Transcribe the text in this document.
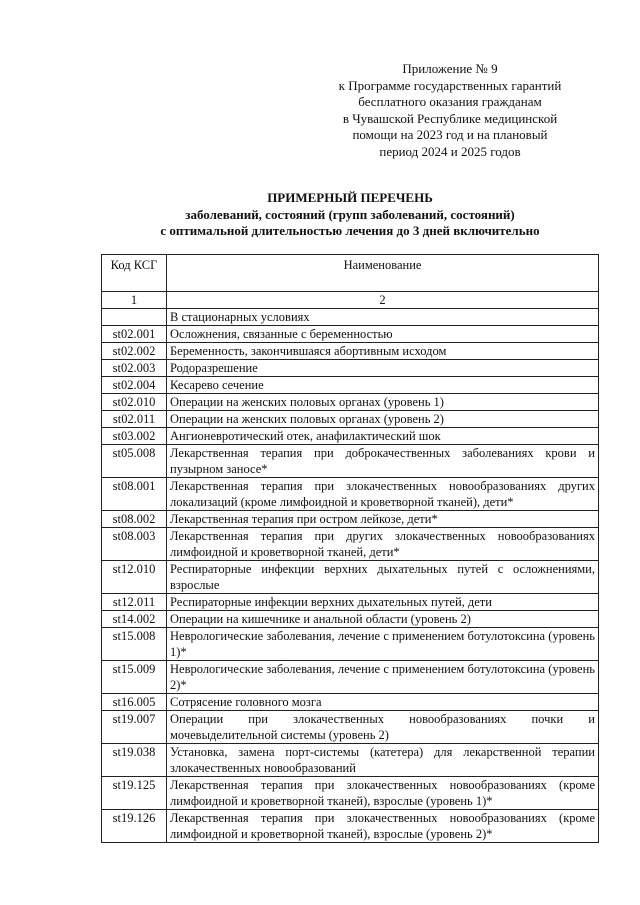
Приложение № 9
к Программе государственных гарантий
бесплатного оказания гражданам
в Чувашской Республике медицинской
помощи на 2023 год и на плановый
период 2024 и 2025 годов
ПРИМЕРНЫЙ ПЕРЕЧЕНЬ
заболеваний, состояний (групп заболеваний, состояний)
с оптимальной длительностью лечения до 3 дней включительно
Код КСГ	Наименование
1	2
	В стационарных условиях
st02.001	Осложнения, связанные с беременностью
st02.002	Беременность, закончившаяся абортивным исходом
st02.003	Родоразрешение
st02.004	Кесарево сечение
st02.010	Операции на женских половых органах (уровень 1)
st02.011	Операции на женских половых органах (уровень 2)
st03.002	Ангионевротический отек, анафилактический шок
st05.008	Лекарственная терапия при доброкачественных заболеваниях крови и пузырном заносе*
st08.001	Лекарственная терапия при злокачественных новообразованиях других локализаций (кроме лимфоидной и кроветворной тканей), дети*
st08.002	Лекарственная терапия при остром лейкозе, дети*
st08.003	Лекарственная терапия при других злокачественных новообразованиях лимфоидной и кроветворной тканей, дети*
st12.010	Респираторные инфекции верхних дыхательных путей с осложнениями, взрослые
st12.011	Респираторные инфекции верхних дыхательных путей, дети
st14.002	Операции на кишечнике и анальной области (уровень 2)
st15.008	Неврологические заболевания, лечение с применением ботулотоксина (уровень 1)*
st15.009	Неврологические заболевания, лечение с применением ботулотоксина (уровень 2)*
st16.005	Сотрясение головного мозга
st19.007	Операции при злокачественных новообразованиях почки и мочевыделительной системы (уровень 2)
st19.038	Установка, замена порт-системы (катетера) для лекарственной терапии злокачественных новообразований
st19.125	Лекарственная терапия при злокачественных новообразованиях (кроме лимфоидной и кроветворной тканей), взрослые (уровень 1)*
st19.126	Лекарственная терапия при злокачественных новообразованиях (кроме лимфоидной и кроветворной тканей), взрослые (уровень 2)*
